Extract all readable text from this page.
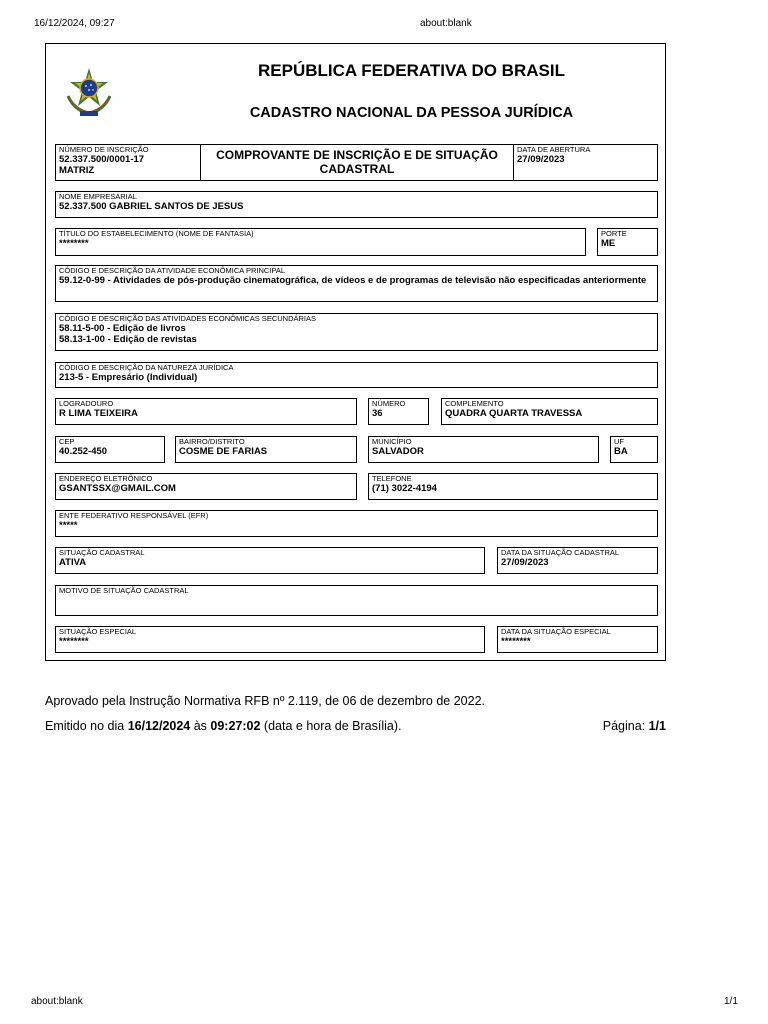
16/12/2024, 09:27	about:blank
REPÚBLICA FEDERATIVA DO BRASIL
CADASTRO NACIONAL DA PESSOA JURÍDICA
NÚMERO DE INSCRIÇÃO
52.337.500/0001-17
MATRIZ
COMPROVANTE DE INSCRIÇÃO E DE SITUAÇÃO
CADASTRAL
DATA DE ABERTURA
27/09/2023
NOME EMPRESARIAL
52.337.500 GABRIEL SANTOS DE JESUS
TÍTULO DO ESTABELECIMENTO (NOME DE FANTASIA)
********
PORTE
ME
CÓDIGO E DESCRIÇÃO DA ATIVIDADE ECONÔMICA PRINCIPAL
59.12-0-99 - Atividades de pós-produção cinematográfica, de vídeos e de programas de televisão não especificadas anteriormente
CÓDIGO E DESCRIÇÃO DAS ATIVIDADES ECONÔMICAS SECUNDÁRIAS
58.11-5-00 - Edição de livros
58.13-1-00 - Edição de revistas
CÓDIGO E DESCRIÇÃO DA NATUREZA JURÍDICA
213-5 - Empresário (Individual)
LOGRADOURO
R LIMA TEIXEIRA
NÚMERO
36
COMPLEMENTO
QUADRA QUARTA TRAVESSA
CEP
40.252-450
BAIRRO/DISTRITO
COSME DE FARIAS
MUNICÍPIO
SALVADOR
UF
BA
ENDEREÇO ELETRÔNICO
GSANTSSX@GMAIL.COM
TELEFONE
(71) 3022-4194
ENTE FEDERATIVO RESPONSÁVEL (EFR)
*****
SITUAÇÃO CADASTRAL
ATIVA
DATA DA SITUAÇÃO CADASTRAL
27/09/2023
MOTIVO DE SITUAÇÃO CADASTRAL
SITUAÇÃO ESPECIAL
********
DATA DA SITUAÇÃO ESPECIAL
********
Aprovado pela Instrução Normativa RFB nº 2.119, de 06 de dezembro de 2022.
Emitido no dia 16/12/2024 às 09:27:02 (data e hora de Brasília).	Página: 1/1
about:blank	1/1
